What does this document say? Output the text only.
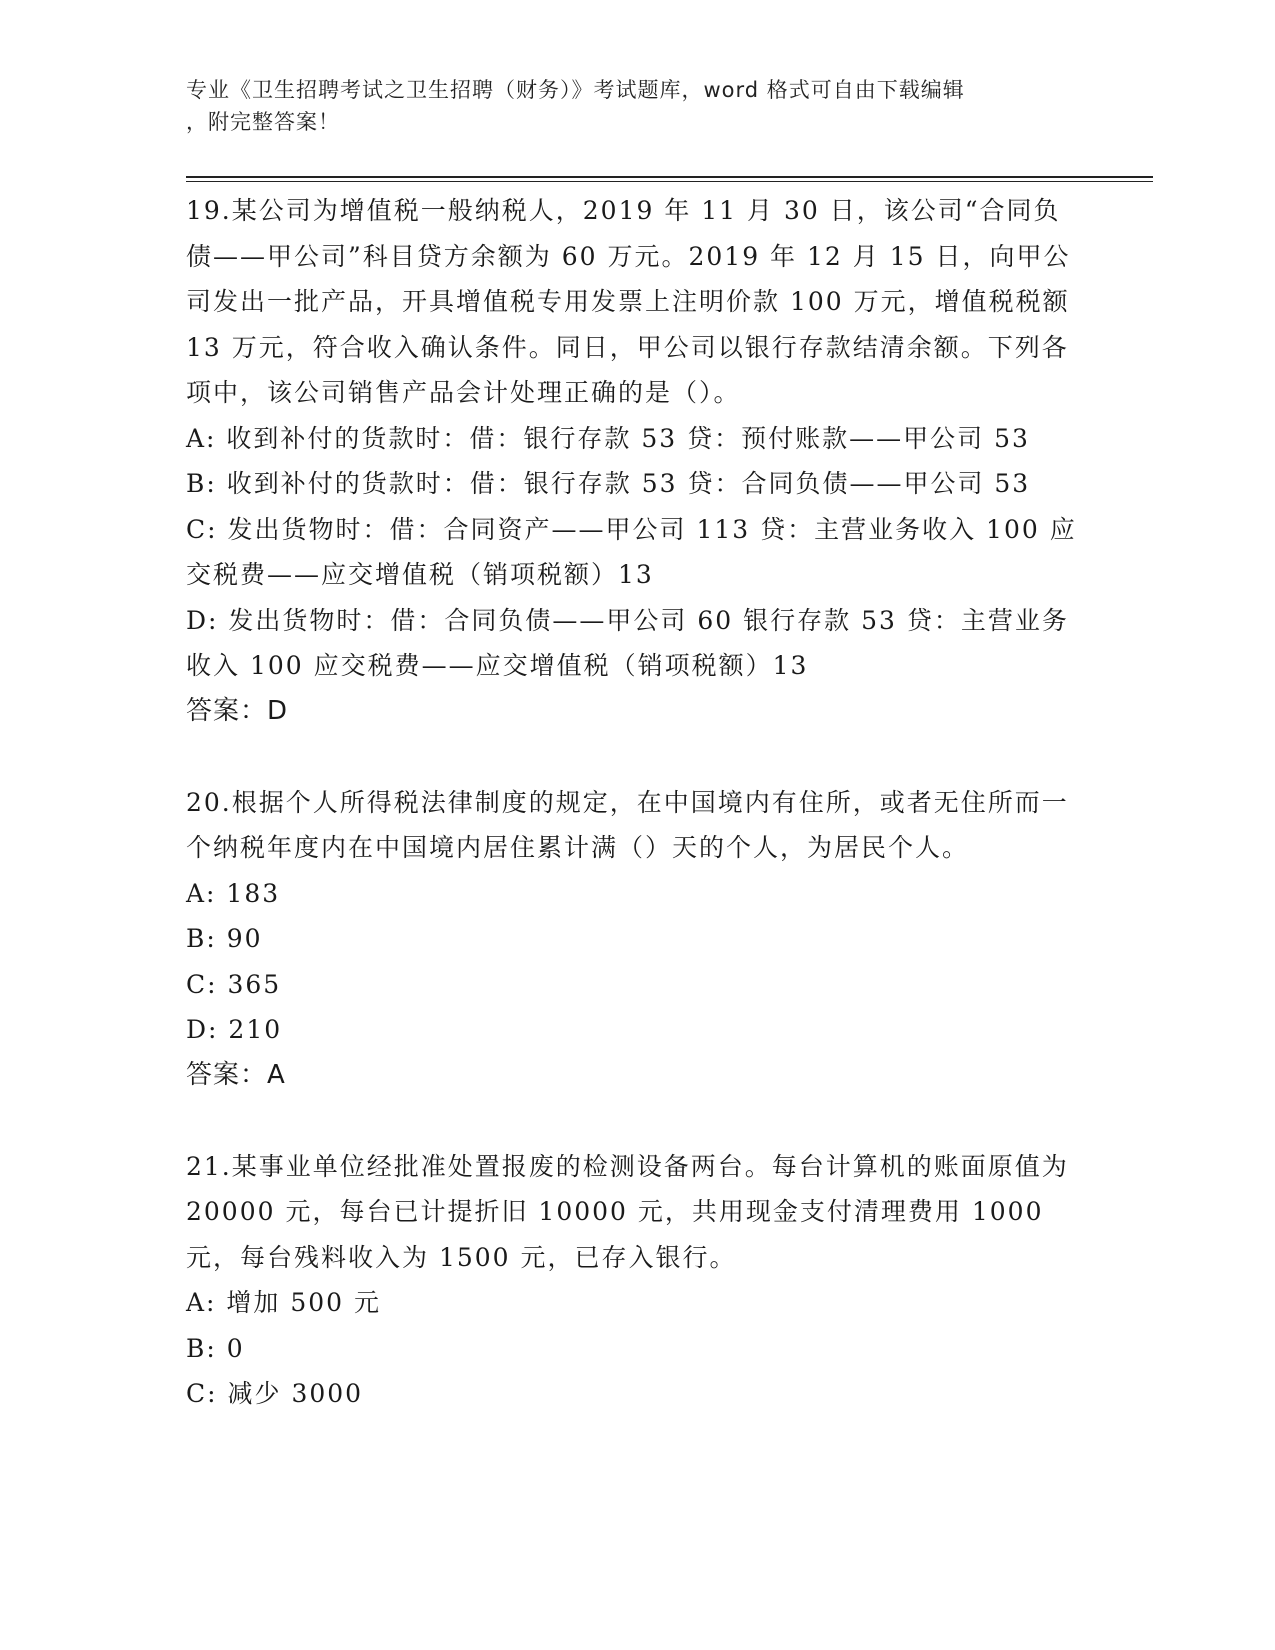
专业《卫生招聘考试之卫生招聘（财务）》考试题库，word 格式可自由下载编辑
，附完整答案！

19.某公司为增值税一般纳税人，2019 年 11 月 30 日，该公司“合同负债——甲公司”科目贷方余额为 60 万元。2019 年 12 月 15 日，向甲公司发出一批产品，开具增值税专用发票上注明价款 100 万元，增值税税额 13 万元，符合收入确认条件。同日，甲公司以银行存款结清余额。下列各项中，该公司销售产品会计处理正确的是（）。

A: 收到补付的货款时：借：银行存款 53 贷：预付账款——甲公司 53

B: 收到补付的货款时：借：银行存款 53 贷：合同负债——甲公司 53

C: 发出货物时：借：合同资产——甲公司 113 贷：主营业务收入 100 应交税费——应交增值税（销项税额）13

D: 发出货物时：借：合同负债——甲公司 60 银行存款 53 贷：主营业务收入 100 应交税费——应交增值税（销项税额）13

答案：D

20.根据个人所得税法律制度的规定，在中国境内有住所，或者无住所而一个纳税年度内在中国境内居住累计满（）天的个人，为居民个人。

A: 183

B: 90

C: 365

D: 210

答案：A

21.某事业单位经批准处置报废的检测设备两台。每台计算机的账面原值为 20000 元，每台已计提折旧 10000 元，共用现金支付清理费用 1000 元，每台残料收入为 1500 元，已存入银行。

A: 增加 500 元

B: 0

C: 减少 3000
